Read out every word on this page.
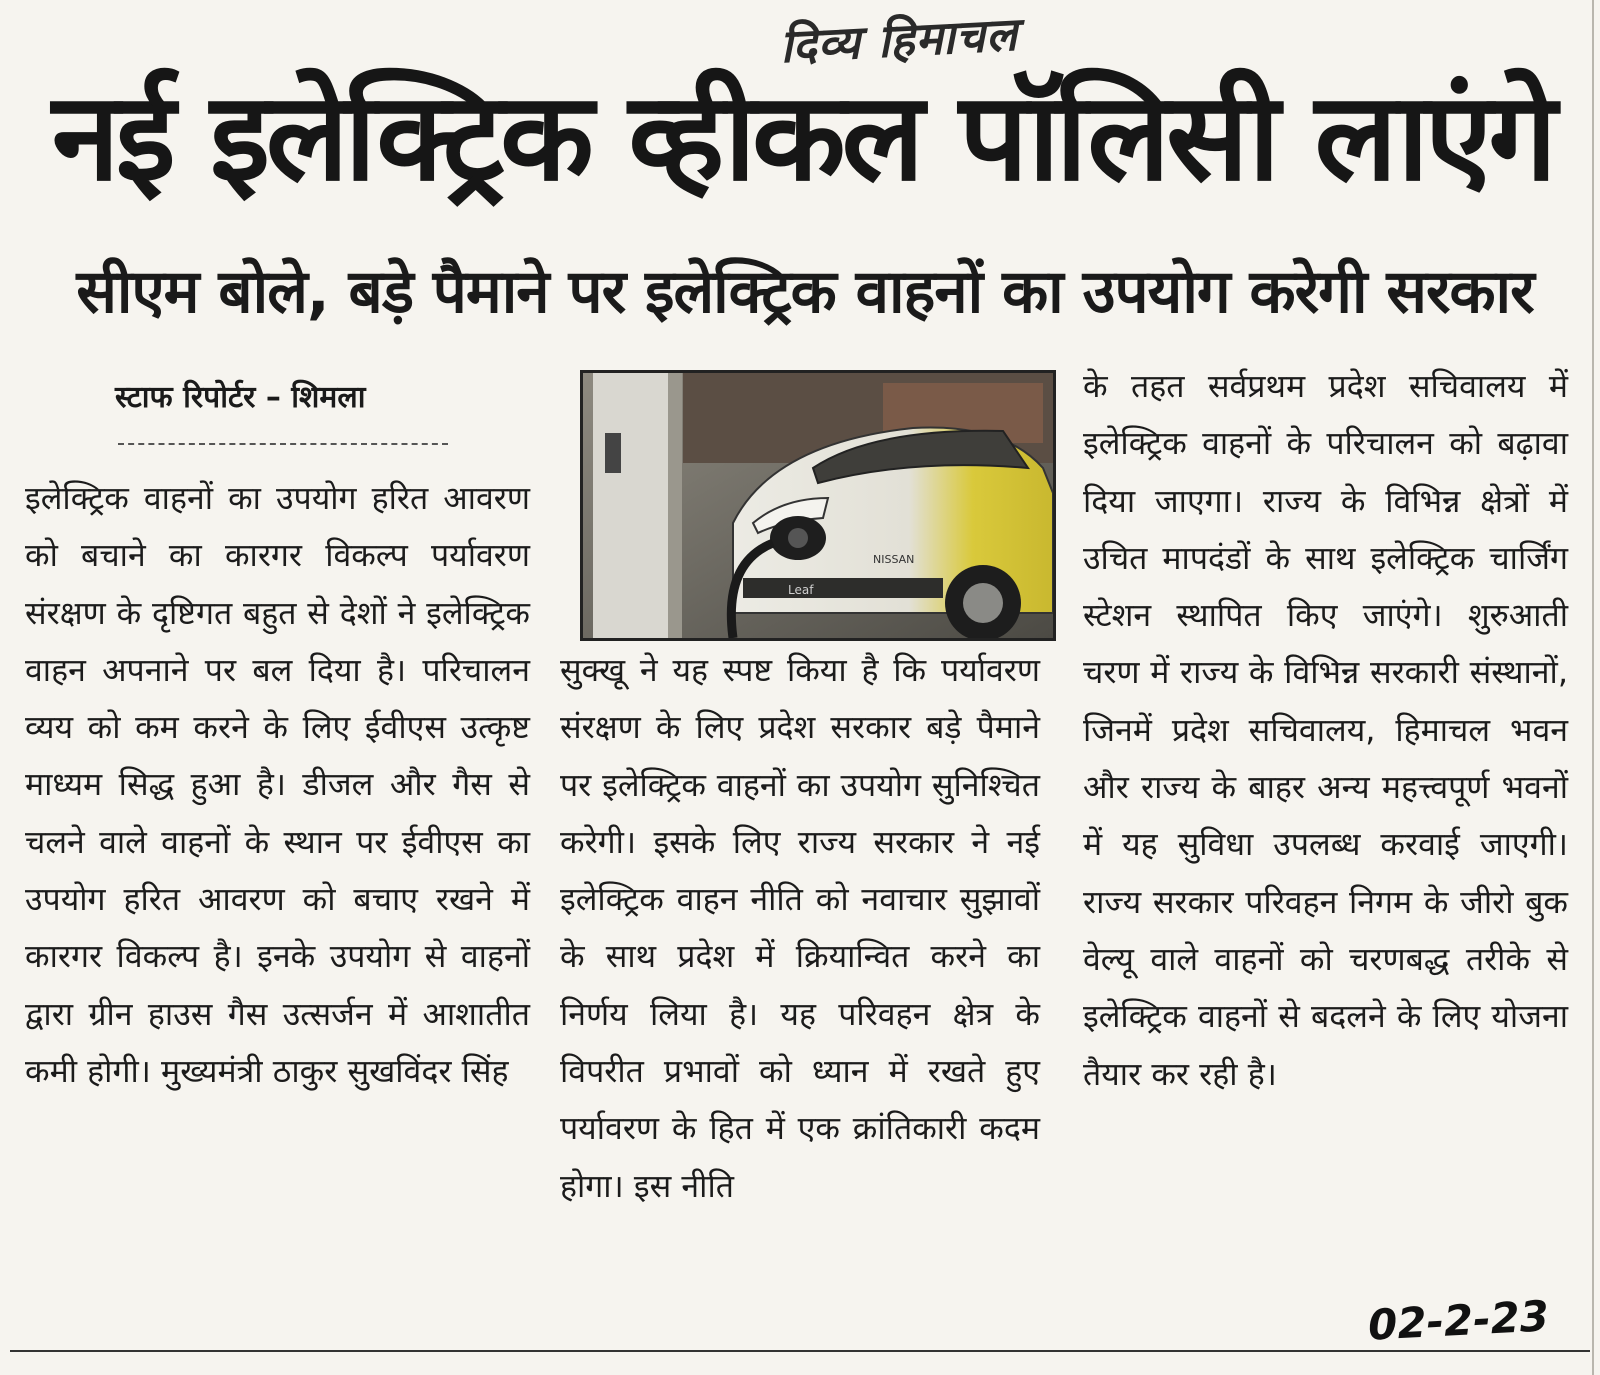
दिव्य हिमाचल
नई इलेक्ट्रिक व्हीकल पॉलिसी लाएंगे
सीएम बोले, बड़े पैमाने पर इलेक्ट्रिक वाहनों का उपयोग करेगी सरकार
स्टाफ रिपोर्टर – शिमला

इलेक्ट्रिक वाहनों का उपयोग हरित आवरण को बचाने का कारगर विकल्प पर्यावरण संरक्षण के दृष्टिगत बहुत से देशों ने इलेक्ट्रिक वाहन अपनाने पर बल दिया है। परिचालन व्यय को कम करने के लिए ईवीएस उत्कृष्ट माध्यम सिद्ध हुआ है। डीजल और गैस से चलने वाले वाहनों के स्थान पर ईवीएस का उपयोग हरित आवरण को बचाए रखने में कारगर विकल्प है। इनके उपयोग से वाहनों द्वारा ग्रीन हाउस गैस उत्सर्जन में आशातीत कमी होगी। मुख्यमंत्री ठाकुर सुखविंदर सिंह

Leaf
NISSAN

सुक्खू ने यह स्पष्ट किया है कि पर्यावरण संरक्षण के लिए प्रदेश सरकार बड़े पैमाने पर इलेक्ट्रिक वाहनों का उपयोग सुनिश्चित करेगी। इसके लिए राज्य सरकार ने नई इलेक्ट्रिक वाहन नीति को नवाचार सुझावों के साथ प्रदेश में क्रियान्वित करने का निर्णय लिया है। यह परिवहन क्षेत्र के विपरीत प्रभावों को ध्यान में रखते हुए पर्यावरण के हित में एक क्रांतिकारी कदम होगा। इस नीति

के तहत सर्वप्रथम प्रदेश सचिवालय में इलेक्ट्रिक वाहनों के परिचालन को बढ़ावा दिया जाएगा। राज्य के विभिन्न क्षेत्रों में उचित मापदंडों के साथ इलेक्ट्रिक चार्जिंग स्टेशन स्थापित किए जाएंगे। शुरुआती चरण में राज्य के विभिन्न सरकारी संस्थानों, जिनमें प्रदेश सचिवालय, हिमाचल भवन और राज्य के बाहर अन्य महत्त्वपूर्ण भवनों में यह सुविधा उपलब्ध करवाई जाएगी। राज्य सरकार परिवहन निगम के जीरो बुक वेल्यू वाले वाहनों को चरणबद्ध तरीके से इलेक्ट्रिक वाहनों से बदलने के लिए योजना तैयार कर रही है।

02-2-23
